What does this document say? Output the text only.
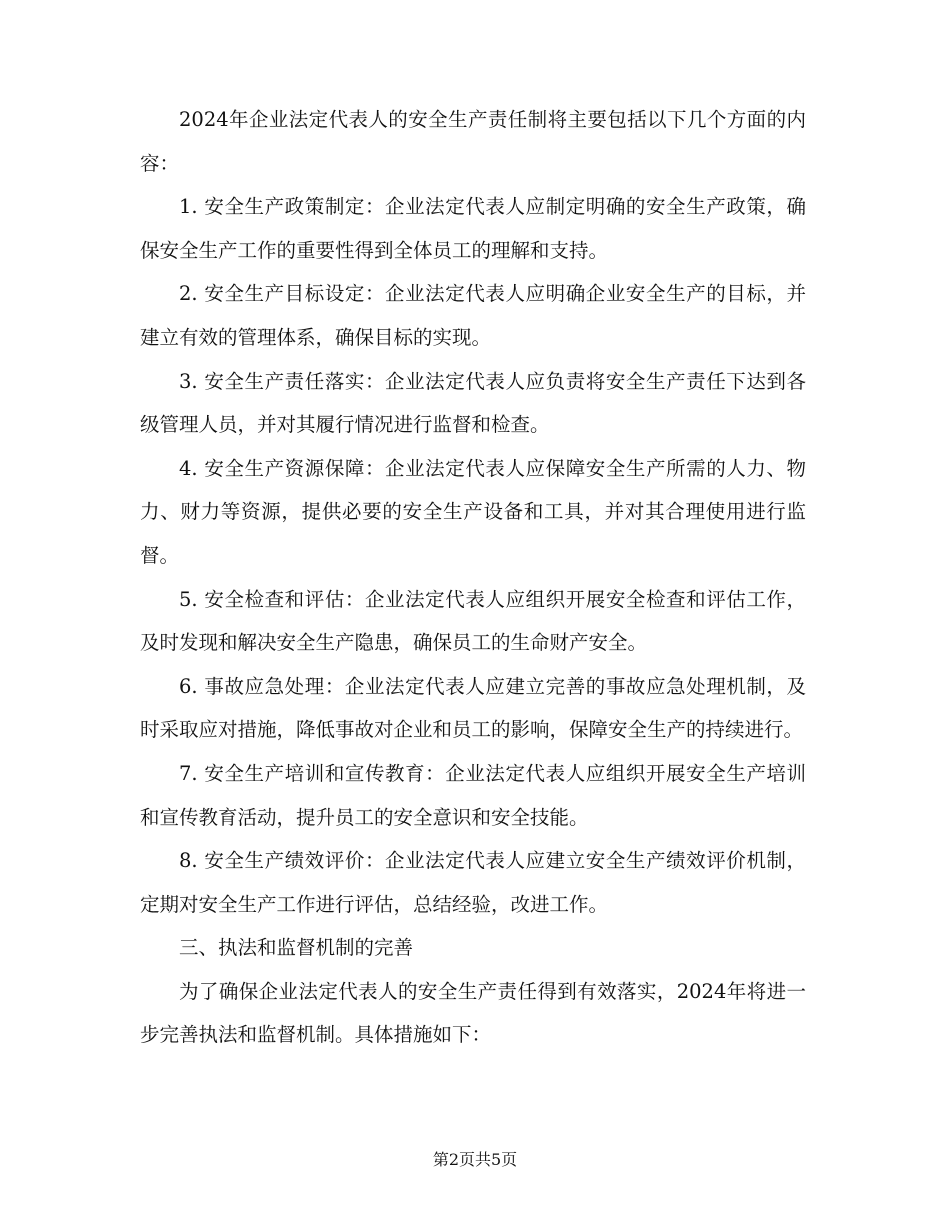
2024年企业法定代表人的安全生产责任制将主要包括以下几个方面的内容：

1. 安全生产政策制定：企业法定代表人应制定明确的安全生产政策，确保安全生产工作的重要性得到全体员工的理解和支持。

2. 安全生产目标设定：企业法定代表人应明确企业安全生产的目标，并建立有效的管理体系，确保目标的实现。

3. 安全生产责任落实：企业法定代表人应负责将安全生产责任下达到各级管理人员，并对其履行情况进行监督和检查。

4. 安全生产资源保障：企业法定代表人应保障安全生产所需的人力、物力、财力等资源，提供必要的安全生产设备和工具，并对其合理使用进行监督。

5. 安全检查和评估：企业法定代表人应组织开展安全检查和评估工作，及时发现和解决安全生产隐患，确保员工的生命财产安全。

6. 事故应急处理：企业法定代表人应建立完善的事故应急处理机制，及时采取应对措施，降低事故对企业和员工的影响，保障安全生产的持续进行。

7. 安全生产培训和宣传教育：企业法定代表人应组织开展安全生产培训和宣传教育活动，提升员工的安全意识和安全技能。

8. 安全生产绩效评价：企业法定代表人应建立安全生产绩效评价机制，定期对安全生产工作进行评估，总结经验，改进工作。

三、执法和监督机制的完善

为了确保企业法定代表人的安全生产责任得到有效落实，2024年将进一步完善执法和监督机制。具体措施如下：

第2页共5页
